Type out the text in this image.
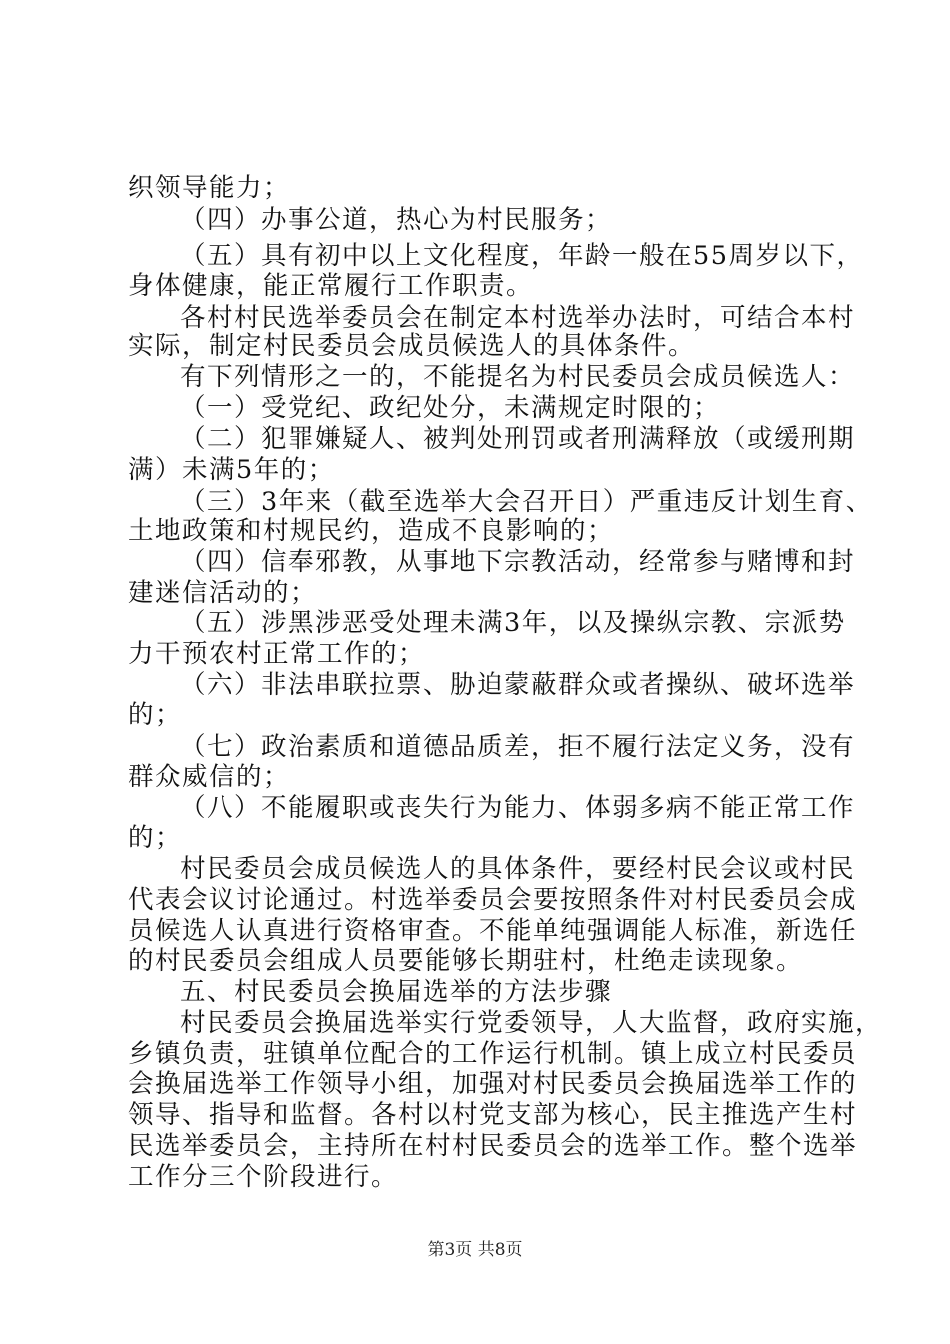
织领导能力；
（四）办事公道，热心为村民服务；
（五）具有初中以上文化程度，年龄一般在55周岁以下，
身体健康，能正常履行工作职责。
各村村民选举委员会在制定本村选举办法时，可结合本村
实际，制定村民委员会成员候选人的具体条件。
有下列情形之一的，不能提名为村民委员会成员候选人：
（一）受党纪、政纪处分，未满规定时限的；
（二）犯罪嫌疑人、被判处刑罚或者刑满释放（或缓刑期
满）未满5年的；
（三）3年来（截至选举大会召开日）严重违反计划生育、
土地政策和村规民约，造成不良影响的；
（四）信奉邪教，从事地下宗教活动，经常参与赌博和封
建迷信活动的；
（五）涉黑涉恶受处理未满3年，以及操纵宗教、宗派势
力干预农村正常工作的；
（六）非法串联拉票、胁迫蒙蔽群众或者操纵、破坏选举
的；
（七）政治素质和道德品质差，拒不履行法定义务，没有
群众威信的；
（八）不能履职或丧失行为能力、体弱多病不能正常工作
的；
村民委员会成员候选人的具体条件，要经村民会议或村民
代表会议讨论通过。村选举委员会要按照条件对村民委员会成
员候选人认真进行资格审查。不能单纯强调能人标准，新选任
的村民委员会组成人员要能够长期驻村，杜绝走读现象。
五、村民委员会换届选举的方法步骤
村民委员会换届选举实行党委领导，人大监督，政府实施，
乡镇负责，驻镇单位配合的工作运行机制。镇上成立村民委员
会换届选举工作领导小组，加强对村民委员会换届选举工作的
领导、指导和监督。各村以村党支部为核心，民主推选产生村
民选举委员会，主持所在村村民委员会的选举工作。整个选举
工作分三个阶段进行。
第3页 共8页
